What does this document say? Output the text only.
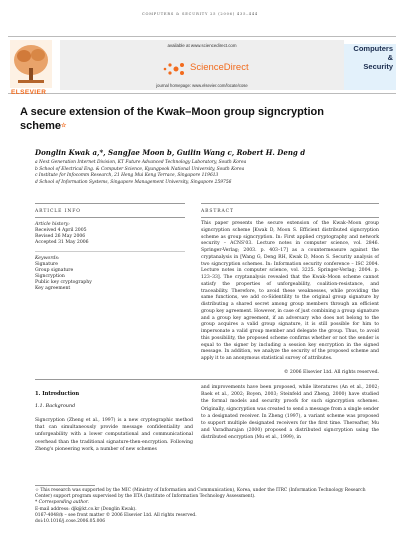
COMPUTERS & SECURITY 25 (2006) 435–444
ELSEVIER
available at www.sciencedirect.com
ScienceDirect
journal homepage: www.elsevier.com/locate/cose
Computers
&
Security
A secure extension of the Kwak–Moon group signcryption scheme☆
Donglin Kwak a,*, SangJae Moon b, Guilin Wang c, Robert H. Deng d
a Next Generation Internet Division, KT Future Advanced Technology Laboratory, South Korea
b School of Electrical Eng. & Computer Science, Kyungpook National University, South Korea
c Institute for Infocomm Research, 21 Heng Mui Keng Terrace, Singapore 119613
d School of Information Systems, Singapore Management University, Singapore 259756
ARTICLE INFO	ABSTRACT
Article history:
Received 4 April 2005
Revised 26 May 2006
Accepted 31 May 2006
Keywords:
Signature
Group signature
Signcryption
Public key cryptography
Key agreement
This paper presents the secure extension of the Kwak–Moon group signcryption scheme [Kwak D, Moon S. Efficient distributed signcryption scheme as group signcryption. In: First applied cryptography and network security – ACNS'03. Lecture notes in computer science, vol. 2846. Springer-Verlag; 2003. p. 403–17] as a countermeasure against the cryptanalysis in [Wang G, Deng RH, Kwak D, Moon S. Security analysis of two signcryption schemes. In: Information security conference – ISC 2004. Lecture notes in computer science, vol. 3225. Springer-Verlag; 2004. p. 123–33]. The cryptanalysis revealed that the Kwak–Moon scheme cannot satisfy the properties of unforgeability, coalition-resistance, and traceability. Therefore, to avoid these weaknesses, while providing the same functions, we add co-Sidentility to the original group signature by distributing a shared secret among group members through an efficient group key agreement. However, in case of just combining a group signature and a group key agreement, if an adversary who does not belong to the group acquires a valid group signature, it is still possible for him to impersonate a valid group member and delegate the group. Thus, to avoid this possibility, the proposed scheme confirms whether or not the sender is equal to the signer by including a session key encryption in the signed message. In addition, we analyze the security of the proposed scheme and apply it to an anonymous statistical survey of attributes.
© 2006 Elsevier Ltd. All rights reserved.
1. Introduction
1.1. Background
Signcryption (Zheng et al., 1997) is a new cryptographic method that can simultaneously provide message confidentiality and unforgeability with a lower computational and communicational overhead than the traditional signature-then-encryption. Following Zheng's pioneering work, a number of new schemes
and improvements have been proposed, while literatures (An et al., 2002; Baek et al., 2002; Boyen, 2003; Steinfeld and Zheng, 2000) have studied the formal models and security proofs for such signcryption schemes. Originally, signcryption was created to send a message from a single sender to a designated receiver. In Zheng (1997), a variant scheme was proposed to support multiple designated receivers for the first time. Thereafter, Mu and Varadharajan (2000) proposed a distributed signcryption using the distributed encryption (Mu et al., 1999), in
☆ This research was supported by the MIC (Ministry of Information and Communication), Korea, under the ITRC (Information Technology Research Center) support program supervised by the IITA (Institute of Information Technology Assessment).
* Corresponding author.
E-mail address: djk@kt.co.kr (Donglin Kwak).
0167-4048/$ – see front matter © 2006 Elsevier Ltd. All rights reserved.
doi:10.1016/j.cose.2006.05.006
